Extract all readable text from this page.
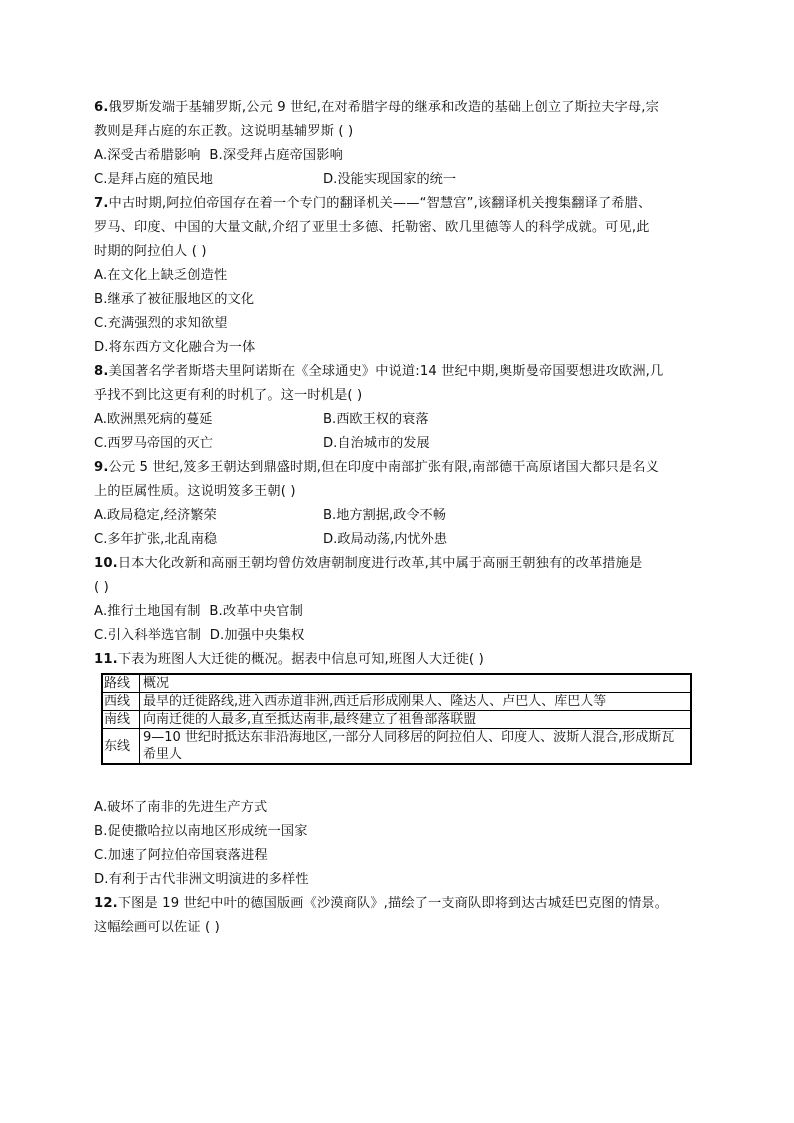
6.俄罗斯发端于基辅罗斯,公元 9 世纪,在对希腊字母的继承和改造的基础上创立了斯拉夫字母,宗
教则是拜占庭的东正教。这说明基辅罗斯 ( )
A.深受古希腊影响 B.深受拜占庭帝国影响
C.是拜占庭的殖民地	D.没能实现国家的统一
7.中古时期,阿拉伯帝国存在着一个专门的翻译机关——“智慧宫”,该翻译机关搜集翻译了希腊、
罗马、印度、中国的大量文献,介绍了亚里士多德、托勒密、欧几里德等人的科学成就。可见,此
时期的阿拉伯人 ( )
A.在文化上缺乏创造性
B.继承了被征服地区的文化
C.充满强烈的求知欲望
D.将东西方文化融合为一体
8.美国著名学者斯塔夫里阿诺斯在《全球通史》中说道:14 世纪中期,奥斯曼帝国要想进攻欧洲,几
乎找不到比这更有利的时机了。这一时机是( )
A.欧洲黑死病的蔓延	B.西欧王权的衰落
C.西罗马帝国的灭亡	D.自治城市的发展
9.公元 5 世纪,笈多王朝达到鼎盛时期,但在印度中南部扩张有限,南部德干高原诸国大都只是名义
上的臣属性质。这说明笈多王朝( )
A.政局稳定,经济繁荣	B.地方割据,政令不畅
C.多年扩张,北乱南稳	D.政局动荡,内忧外患
10.日本大化改新和高丽王朝均曾仿效唐朝制度进行改革,其中属于高丽王朝独有的改革措施是
( )
A.推行土地国有制 B.改革中央官制
C.引入科举选官制 D.加强中央集权
11.下表为班图人大迁徙的概况。据表中信息可知,班图人大迁徙( )
路线	概况
西线	最早的迁徙路线,进入西赤道非洲,西迁后形成刚果人、隆达人、卢巴人、库巴人等
南线	向南迁徙的人最多,直至抵达南非,最终建立了祖鲁部落联盟
东线	9—10 世纪时抵达东非沿海地区,一部分人同移居的阿拉伯人、印度人、波斯人混合,形成斯瓦希里人
A.破坏了南非的先进生产方式
B.促使撒哈拉以南地区形成统一国家
C.加速了阿拉伯帝国衰落进程
D.有利于古代非洲文明演进的多样性
12.下图是 19 世纪中叶的德国版画《沙漠商队》,描绘了一支商队即将到达古城廷巴克图的情景。
这幅绘画可以佐证 ( )
